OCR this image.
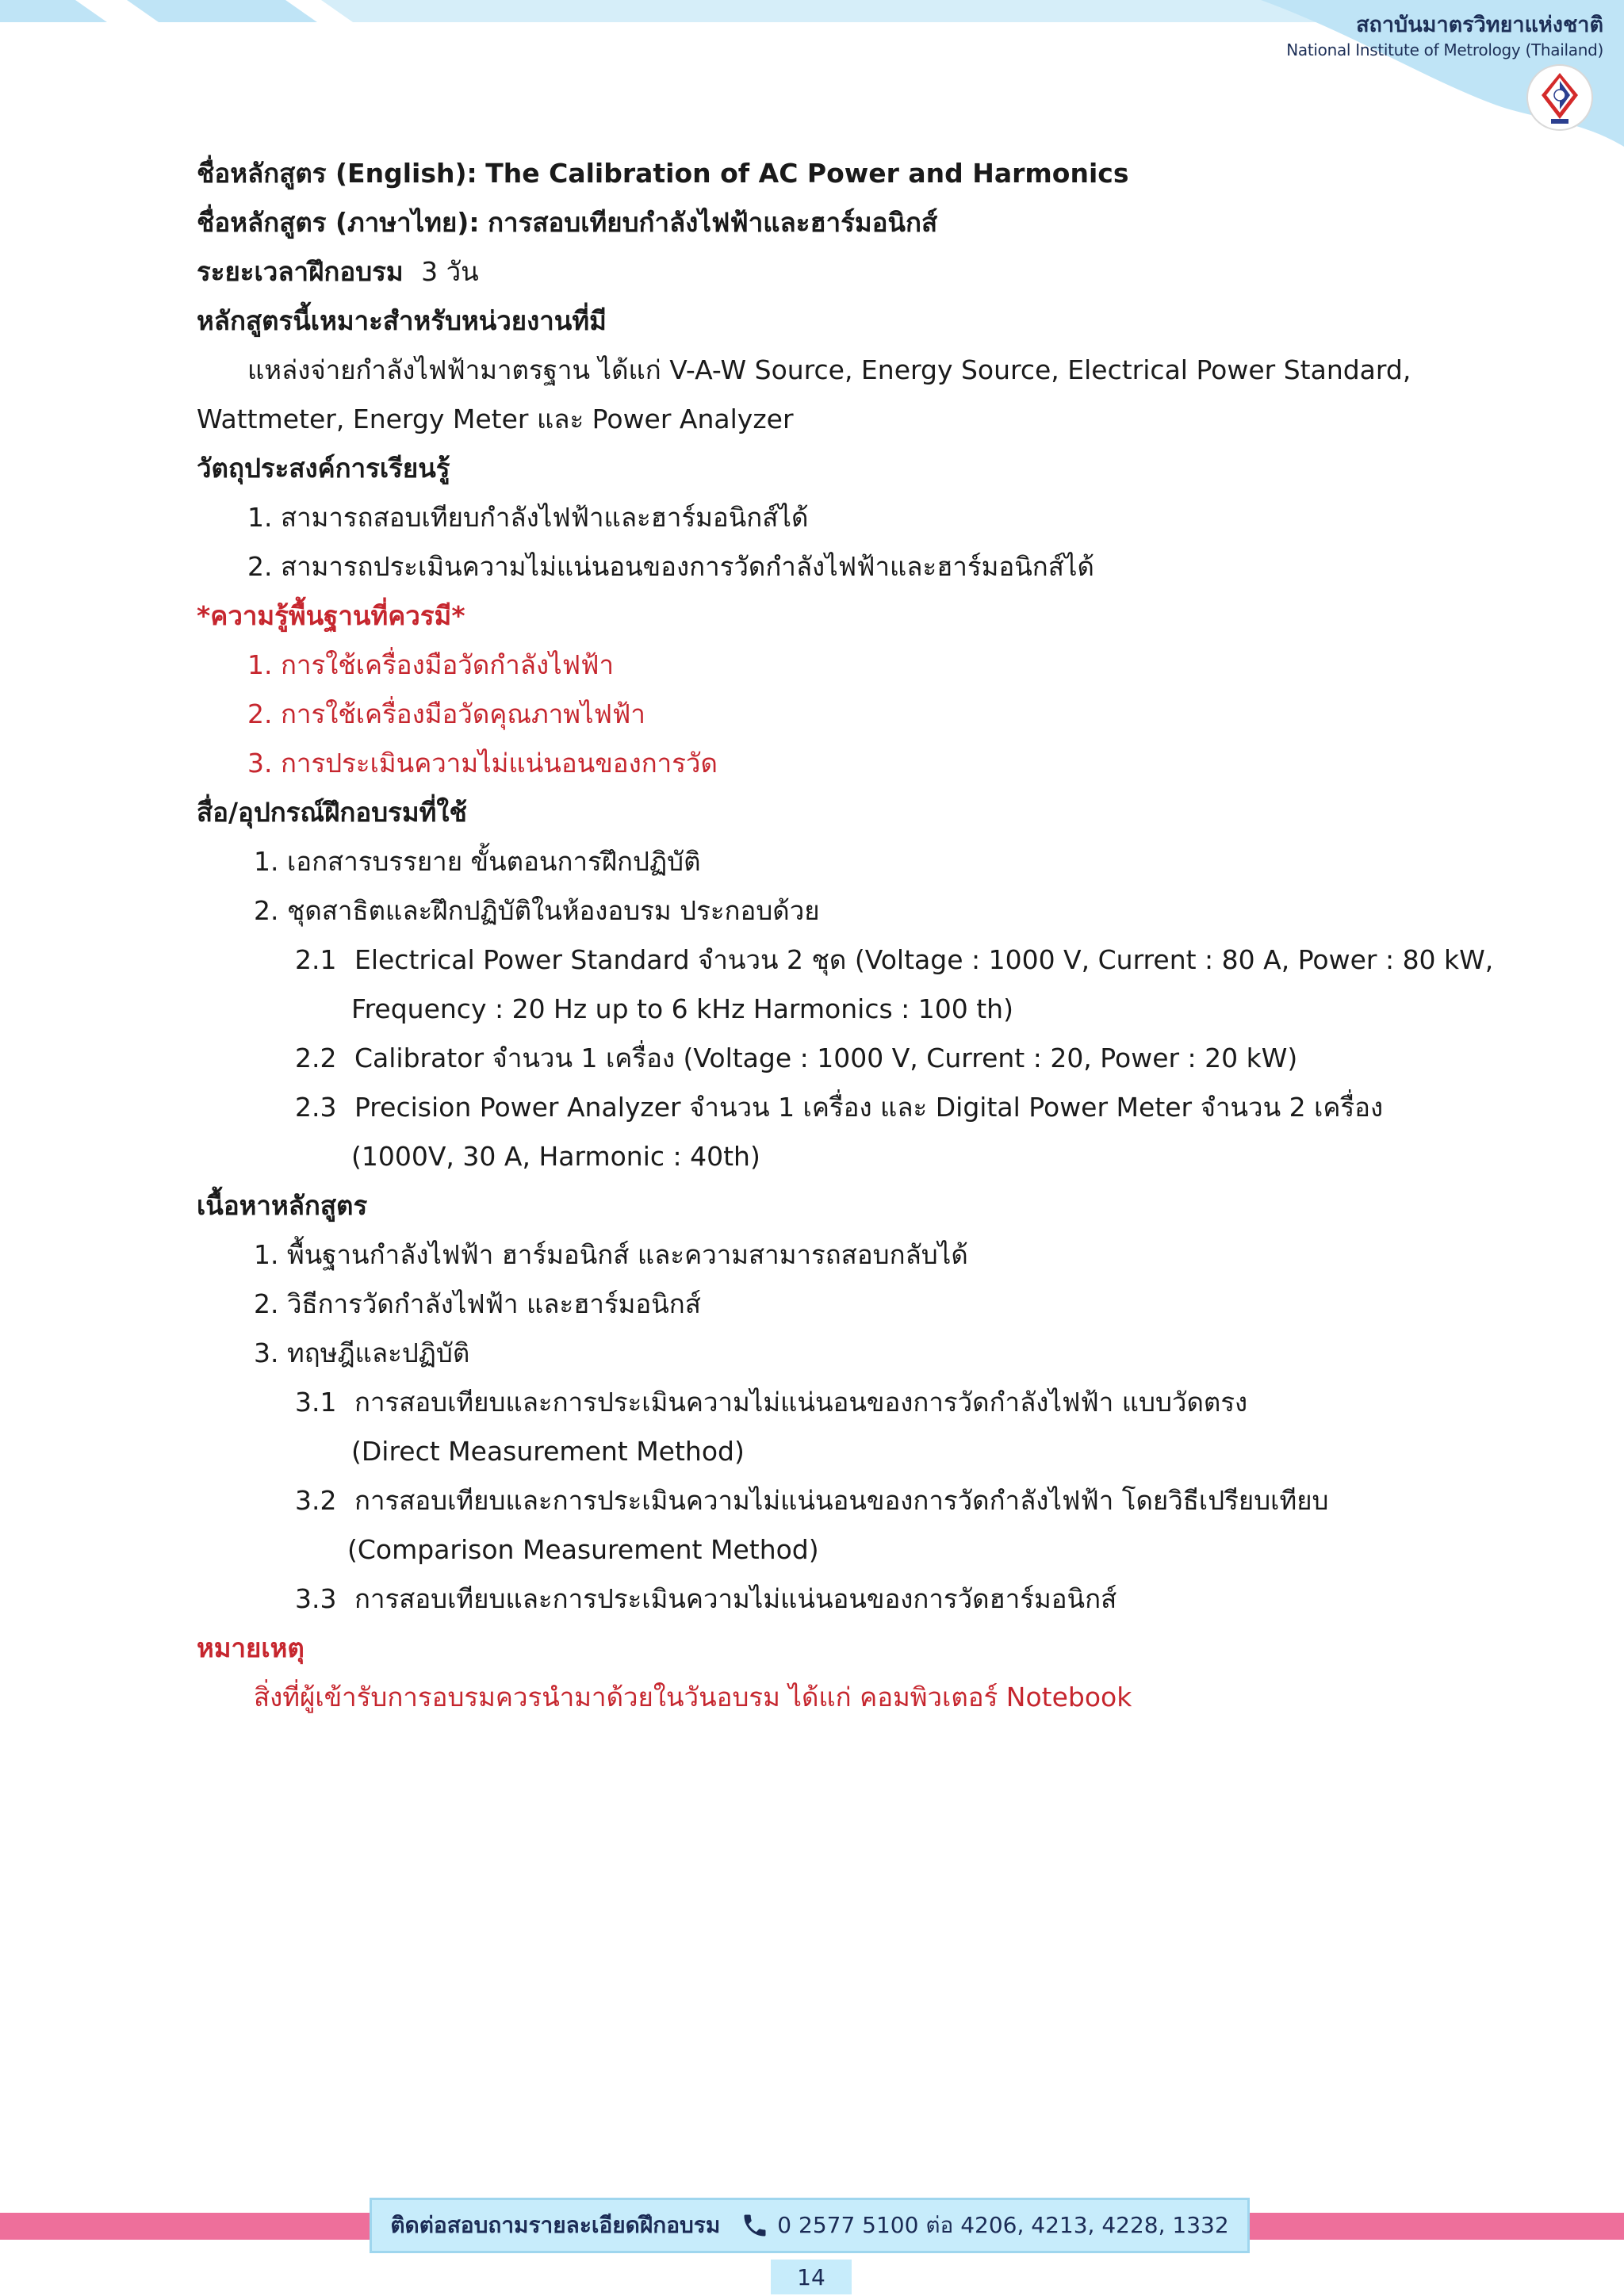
สถาบันมาตรวิทยาแห่งชาติ
National Institute of Metrology (Thailand)

ชื่อหลักสูตร (English): The Calibration of AC Power and Harmonics

ชื่อหลักสูตร (ภาษาไทย): การสอบเทียบกำลังไฟฟ้าและฮาร์มอนิกส์

ระยะเวลาฝึกอบรม 3 วัน

หลักสูตรนี้เหมาะสำหรับหน่วยงานที่มี

แหล่งจ่ายกำลังไฟฟ้ามาตรฐาน ได้แก่ V-A-W Source, Energy Source, Electrical Power Standard,

Wattmeter, Energy Meter และ Power Analyzer

วัตถุประสงค์การเรียนรู้

1. สามารถสอบเทียบกำลังไฟฟ้าและฮาร์มอนิกส์ได้

2. สามารถประเมินความไม่แน่นอนของการวัดกำลังไฟฟ้าและฮาร์มอนิกส์ได้

*ความรู้พื้นฐานที่ควรมี*

1. การใช้เครื่องมือวัดกำลังไฟฟ้า

2. การใช้เครื่องมือวัดคุณภาพไฟฟ้า

3. การประเมินความไม่แน่นอนของการวัด

สื่อ/อุปกรณ์ฝึกอบรมที่ใช้

1. เอกสารบรรยาย ขั้นตอนการฝึกปฏิบัติ

2. ชุดสาธิตและฝึกปฏิบัติในห้องอบรม ประกอบด้วย

2.1 Electrical Power Standard จำนวน 2 ชุด (Voltage : 1000 V, Current : 80 A, Power : 80 kW,

Frequency : 20 Hz up to 6 kHz Harmonics : 100 th)

2.2 Calibrator จำนวน 1 เครื่อง (Voltage : 1000 V, Current : 20, Power : 20 kW)

2.3 Precision Power Analyzer จำนวน 1 เครื่อง และ Digital Power Meter จำนวน 2 เครื่อง

(1000V, 30 A, Harmonic : 40th)

เนื้อหาหลักสูตร

1. พื้นฐานกำลังไฟฟ้า ฮาร์มอนิกส์ และความสามารถสอบกลับได้

2. วิธีการวัดกำลังไฟฟ้า และฮาร์มอนิกส์

3. ทฤษฎีและปฏิบัติ

3.1 การสอบเทียบและการประเมินความไม่แน่นอนของการวัดกำลังไฟฟ้า แบบวัดตรง

(Direct Measurement Method)

3.2 การสอบเทียบและการประเมินความไม่แน่นอนของการวัดกำลังไฟฟ้า โดยวิธีเปรียบเทียบ

(Comparison Measurement Method)

3.3 การสอบเทียบและการประเมินความไม่แน่นอนของการวัดฮาร์มอนิกส์

หมายเหตุ

สิ่งที่ผู้เข้ารับการอบรมควรนำมาด้วยในวันอบรม ได้แก่ คอมพิวเตอร์ Notebook

ติดต่อสอบถามรายละเอียดฝึกอบรม	0 2577 5100 ต่อ 4206, 4213, 4228, 1332
14
